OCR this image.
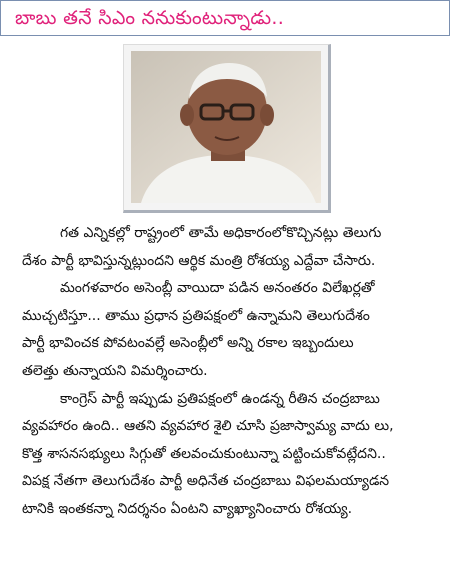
బాబు తనే సిఎం ననుకుంటున్నాడు..
గత ఎన్నికల్లో రాష్ట్రంలో తామే అధికారంలోకొచ్చినట్లు తెలుగు
దేశం పార్టీ భావిస్తున్నట్లుందని ఆర్థిక మంత్రి రోశయ్య ఎద్దేవా చేసారు.
మంగళవారం అసెంబ్లీ వాయిదా పడిన అనంతరం విలేఖర్లతో
ముచ్చటిస్తూ... తాము ప్రధాన ప్రతిపక్షంలో ఉన్నామని తెలుగుదేశం
పార్టీ భావించక పోవటంవల్లే అసెంబ్లీలో అన్ని రకాల ఇబ్బందులు
తలెత్తు తున్నాయని విమర్శించారు.
కాంగ్రెస్ పార్టీ ఇప్పుడు ప్రతిపక్షంలో ఉండన్న రీతిన చంద్రబాబు
వ్యవహారం ఉంది.. ఆతని వ్యవహార శైలి చూసి ప్రజాస్వామ్య వాదు లు,
కొత్త శాసనసభ్యులు సిగ్గుతో తలవంచుకుంటున్నా పట్టించుకోవట్లేదని..
విపక్ష నేతగా తెలుగుదేశం పార్టీ అధినేత చంద్రబాబు విఫలమయ్యాడన
టానికి ఇంతకన్నా నిదర్శనం ఏంటని వ్యాఖ్యానించారు రోశయ్య.
